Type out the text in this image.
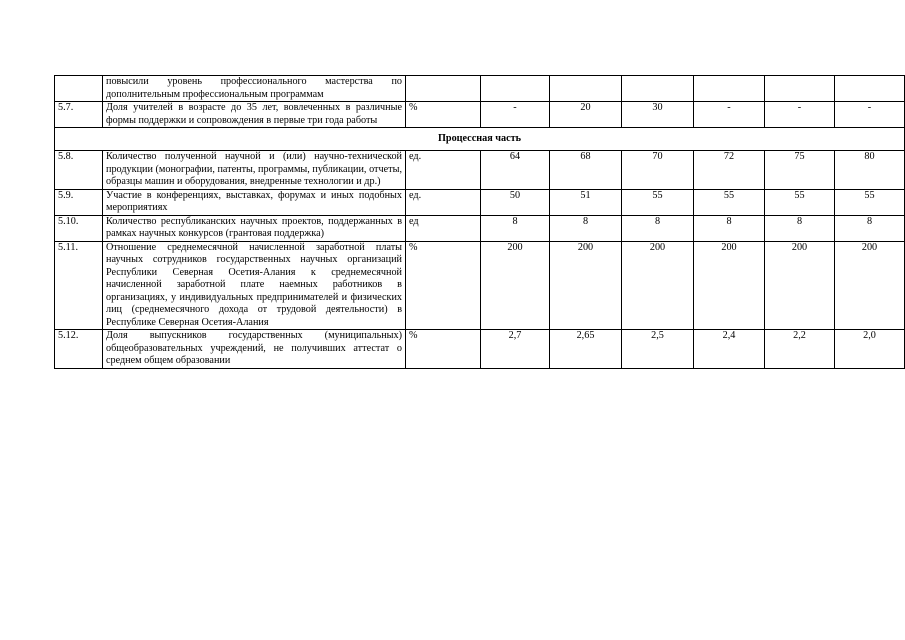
	повысили уровень профессионального мастерства по дополнительным профессиональным программам							
5.7.	Доля учителей в возрасте до 35 лет, вовлеченных в различные формы поддержки и сопровождения в первые три года работы	%	-	20	30	-	-	-
Процессная часть								
5.8.	Количество полученной научной и (или) научно-технической продукции (монографии, патенты, программы, публикации, отчеты, образцы машин и оборудования, внедренные технологии и др.)	ед.	64	68	70	72	75	80
5.9.	Участие в конференциях, выставках, форумах и иных подобных мероприятиях	ед.	50	51	55	55	55	55
5.10.	Количество республиканских научных проектов, поддержанных в рамках научных конкурсов (грантовая поддержка)	ед	8	8	8	8	8	8
5.11.	Отношение среднемесячной начисленной заработной платы научных сотрудников государственных научных организаций Республики Северная Осетия-Алания к среднемесячной начисленной заработной плате наемных работников в организациях, у индивидуальных предпринимателей и физических лиц (среднемесячного дохода от трудовой деятельности) в Республике Северная Осетия-Алания	%	200	200	200	200	200	200
5.12.	Доля выпускников государственных (муниципальных) общеобразовательных учреждений, не получивших аттестат о среднем общем образовании	%	2,7	2,65	2,5	2,4	2,2	2,0
